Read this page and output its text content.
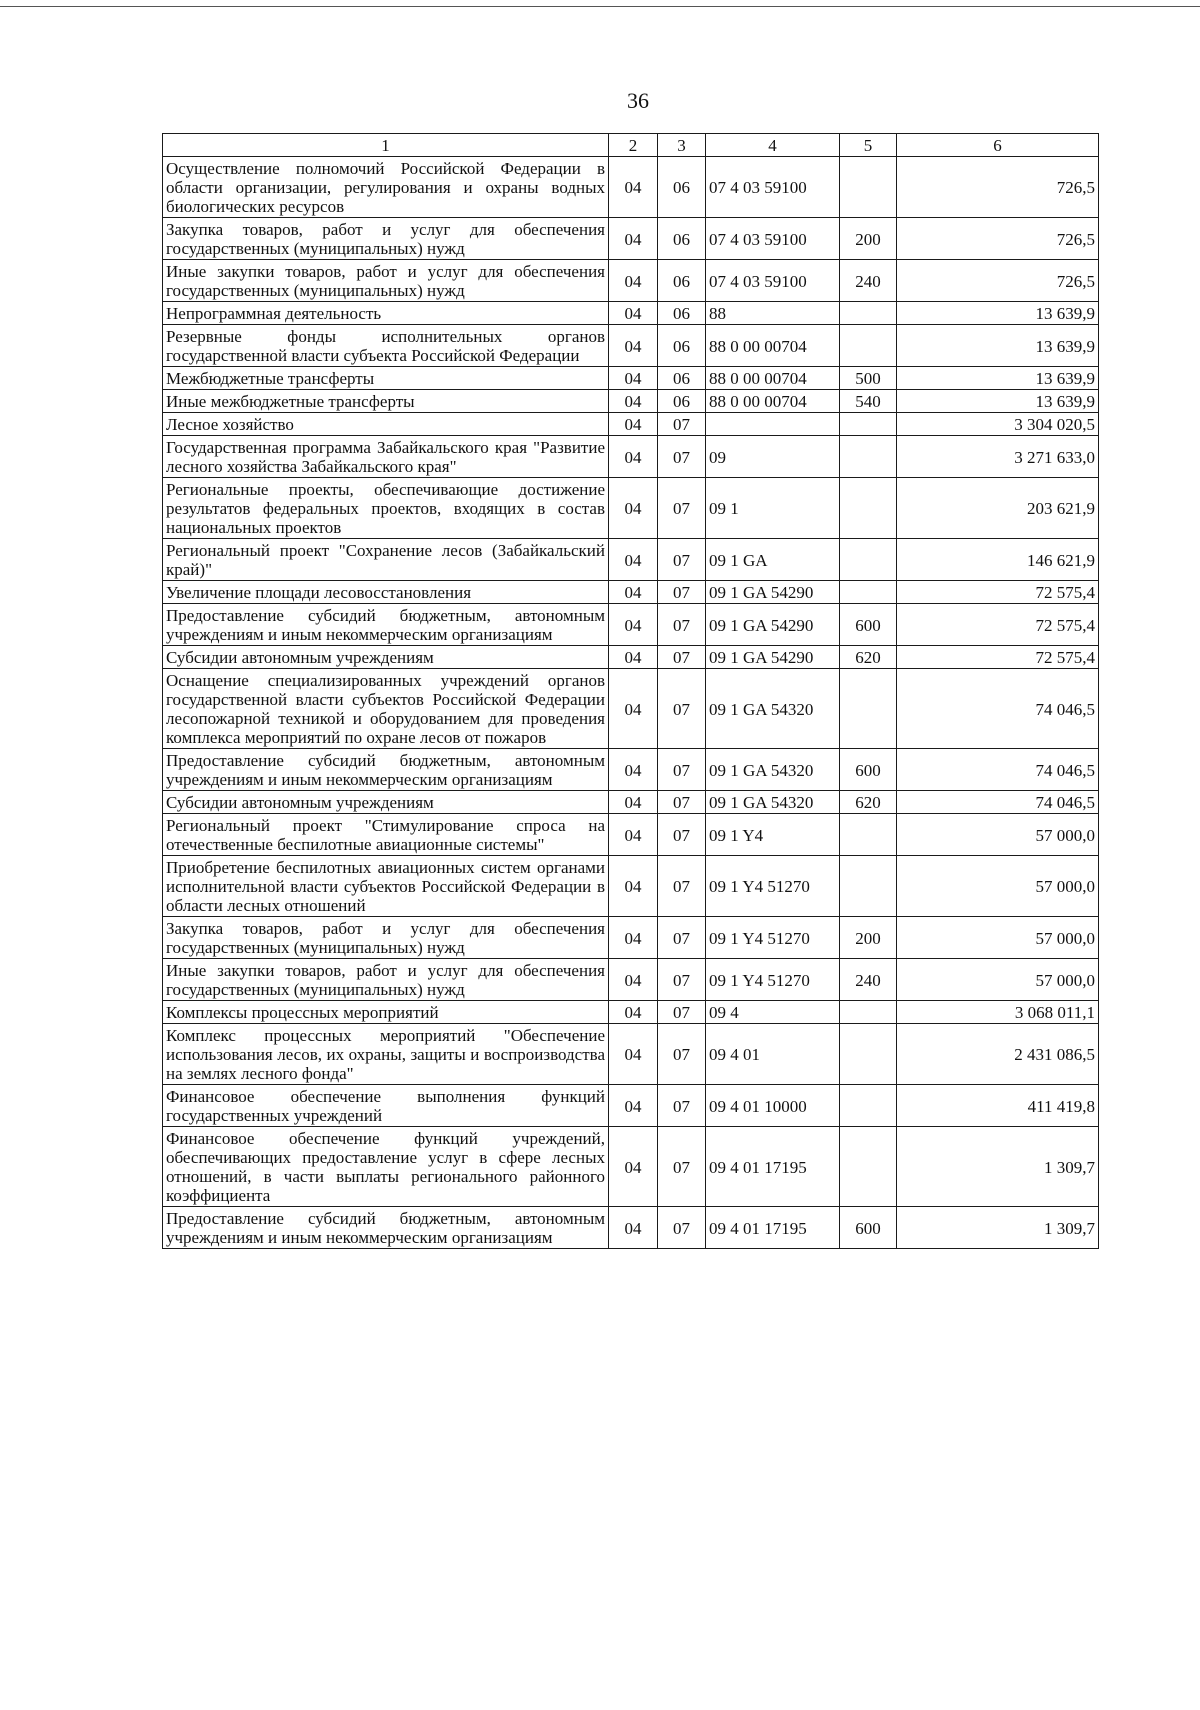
36
1	2	3	4	5	6
Осуществление полномочий Российской Федерации в области организации, регулирования и охраны водных биологических ресурсов	04	06	07 4 03 59100		726,5
Закупка товаров, работ и услуг для обеспечения государственных (муниципальных) нужд	04	06	07 4 03 59100	200	726,5
Иные закупки товаров, работ и услуг для обеспечения государственных (муниципальных) нужд	04	06	07 4 03 59100	240	726,5
Непрограммная деятельность	04	06	88		13 639,9
Резервные фонды исполнительных органов государственной власти субъекта Российской Федерации	04	06	88 0 00 00704		13 639,9
Межбюджетные трансферты	04	06	88 0 00 00704	500	13 639,9
Иные межбюджетные трансферты	04	06	88 0 00 00704	540	13 639,9
Лесное хозяйство	04	07			3 304 020,5
Государственная программа Забайкальского края "Развитие лесного хозяйства Забайкальского края"	04	07	09		3 271 633,0
Региональные проекты, обеспечивающие достижение результатов федеральных проектов, входящих в состав национальных проектов	04	07	09 1		203 621,9
Региональный проект "Сохранение лесов (Забайкальский край)"	04	07	09 1 GA		146 621,9
Увеличение площади лесовосстановления	04	07	09 1 GA 54290		72 575,4
Предоставление субсидий бюджетным, автономным учреждениям и иным некоммерческим организациям	04	07	09 1 GA 54290	600	72 575,4
Субсидии автономным учреждениям	04	07	09 1 GA 54290	620	72 575,4
Оснащение специализированных учреждений органов государственной власти субъектов Российской Федерации лесопожарной техникой и оборудованием для проведения комплекса мероприятий по охране лесов от пожаров	04	07	09 1 GA 54320		74 046,5
Предоставление субсидий бюджетным, автономным учреждениям и иным некоммерческим организациям	04	07	09 1 GA 54320	600	74 046,5
Субсидии автономным учреждениям	04	07	09 1 GA 54320	620	74 046,5
Региональный проект "Стимулирование спроса на отечественные беспилотные авиационные системы"	04	07	09 1 Y4		57 000,0
Приобретение беспилотных авиационных систем органами исполнительной власти субъектов Российской Федерации в области лесных отношений	04	07	09 1 Y4 51270		57 000,0
Закупка товаров, работ и услуг для обеспечения государственных (муниципальных) нужд	04	07	09 1 Y4 51270	200	57 000,0
Иные закупки товаров, работ и услуг для обеспечения государственных (муниципальных) нужд	04	07	09 1 Y4 51270	240	57 000,0
Комплексы процессных мероприятий	04	07	09 4		3 068 011,1
Комплекс процессных мероприятий "Обеспечение использования лесов, их охраны, защиты и воспроизводства на землях лесного фонда"	04	07	09 4 01		2 431 086,5
Финансовое обеспечение выполнения функций государственных учреждений	04	07	09 4 01 10000		411 419,8
Финансовое обеспечение функций учреждений, обеспечивающих предоставление услуг в сфере лесных отношений, в части выплаты регионального районного коэффициента	04	07	09 4 01 17195		1 309,7
Предоставление субсидий бюджетным, автономным учреждениям и иным некоммерческим организациям	04	07	09 4 01 17195	600	1 309,7
